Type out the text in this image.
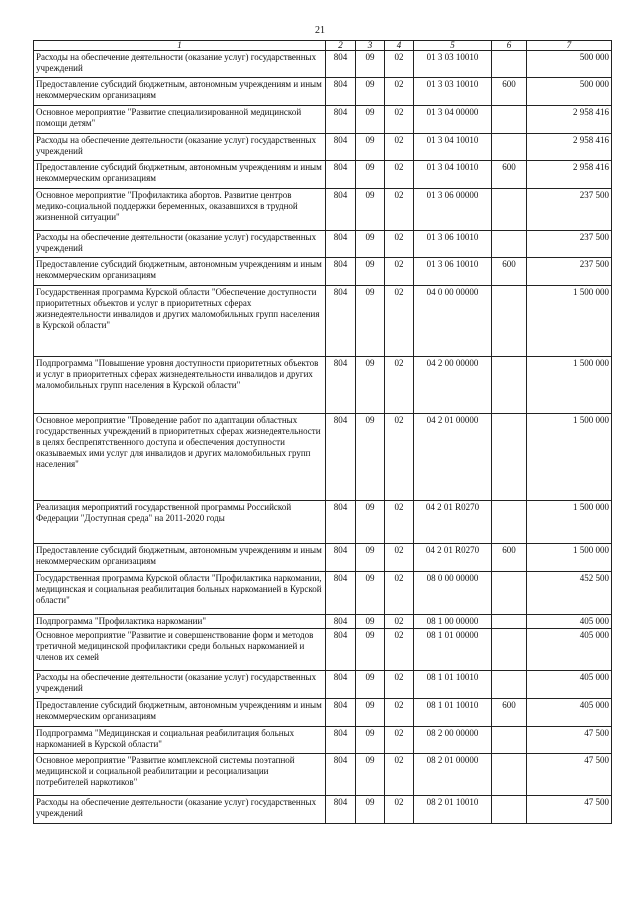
21
1	2	3	4	5	6	7
Расходы на обеспечение деятельности (оказание услуг) государственных учреждений	804	09	02	01 3 03 10010		500 000
Предоставление субсидий бюджетным, автономным учреждениям и иным некоммерческим организациям	804	09	02	01 3 03 10010	600	500 000
Основное мероприятие "Развитие специализированной медицинской помощи детям"	804	09	02	01 3 04 00000		2 958 416
Расходы на обеспечение деятельности (оказание услуг) государственных учреждений	804	09	02	01 3 04 10010		2 958 416
Предоставление субсидий бюджетным, автономным учреждениям и иным некоммерческим организациям	804	09	02	01 3 04 10010	600	2 958 416
Основное мероприятие "Профилактика абортов. Развитие центров медико-социальной поддержки беременных, оказавшихся в трудной жизненной ситуации"	804	09	02	01 3 06 00000		237 500
Расходы на обеспечение деятельности (оказание услуг) государственных учреждений	804	09	02	01 3 06 10010		237 500
Предоставление субсидий бюджетным, автономным учреждениям и иным некоммерческим организациям	804	09	02	01 3 06 10010	600	237 500
Государственная программа Курской области "Обеспечение доступности приоритетных объектов и услуг в приоритетных сферах жизнедеятельности инвалидов и других маломобильных групп населения в Курской области"	804	09	02	04 0 00 00000		1 500 000
Подпрограмма "Повышение уровня доступности приоритетных объектов и услуг в приоритетных сферах жизнедеятельности инвалидов и других маломобильных групп населения в Курской области"	804	09	02	04 2 00 00000		1 500 000
Основное мероприятие "Проведение работ по адаптации областных государственных учреждений в приоритетных сферах жизнедеятельности в целях беспрепятственного доступа и обеспечения доступности оказываемых ими услуг для инвалидов и других маломобильных групп населения"	804	09	02	04 2 01 00000		1 500 000
Реализация мероприятий государственной программы Российской Федерации "Доступная среда" на 2011-2020 годы	804	09	02	04 2 01 R0270		1 500 000
Предоставление субсидий бюджетным, автономным учреждениям и иным некоммерческим организациям	804	09	02	04 2 01 R0270	600	1 500 000
Государственная программа Курской области "Профилактика наркомании, медицинская и социальная реабилитация больных наркоманией в Курской области"	804	09	02	08 0 00 00000		452 500
Подпрограмма "Профилактика наркомании"	804	09	02	08 1 00 00000		405 000
Основное мероприятие "Развитие и совершенствование форм и методов третичной медицинской профилактики среди больных наркоманией и членов их семей	804	09	02	08 1 01 00000		405 000
Расходы на обеспечение деятельности (оказание услуг) государственных учреждений	804	09	02	08 1 01 10010		405 000
Предоставление субсидий бюджетным, автономным учреждениям и иным некоммерческим организациям	804	09	02	08 1 01 10010	600	405 000
Подпрограмма "Медицинская и социальная реабилитация больных наркоманией в Курской области"	804	09	02	08 2 00 00000		47 500
Основное мероприятие "Развитие комплексной системы поэтапной медицинской и социальной реабилитации и ресоциализации потребителей наркотиков"	804	09	02	08 2 01 00000		47 500
Расходы на обеспечение деятельности (оказание услуг) государственных учреждений	804	09	02	08 2 01 10010		47 500
